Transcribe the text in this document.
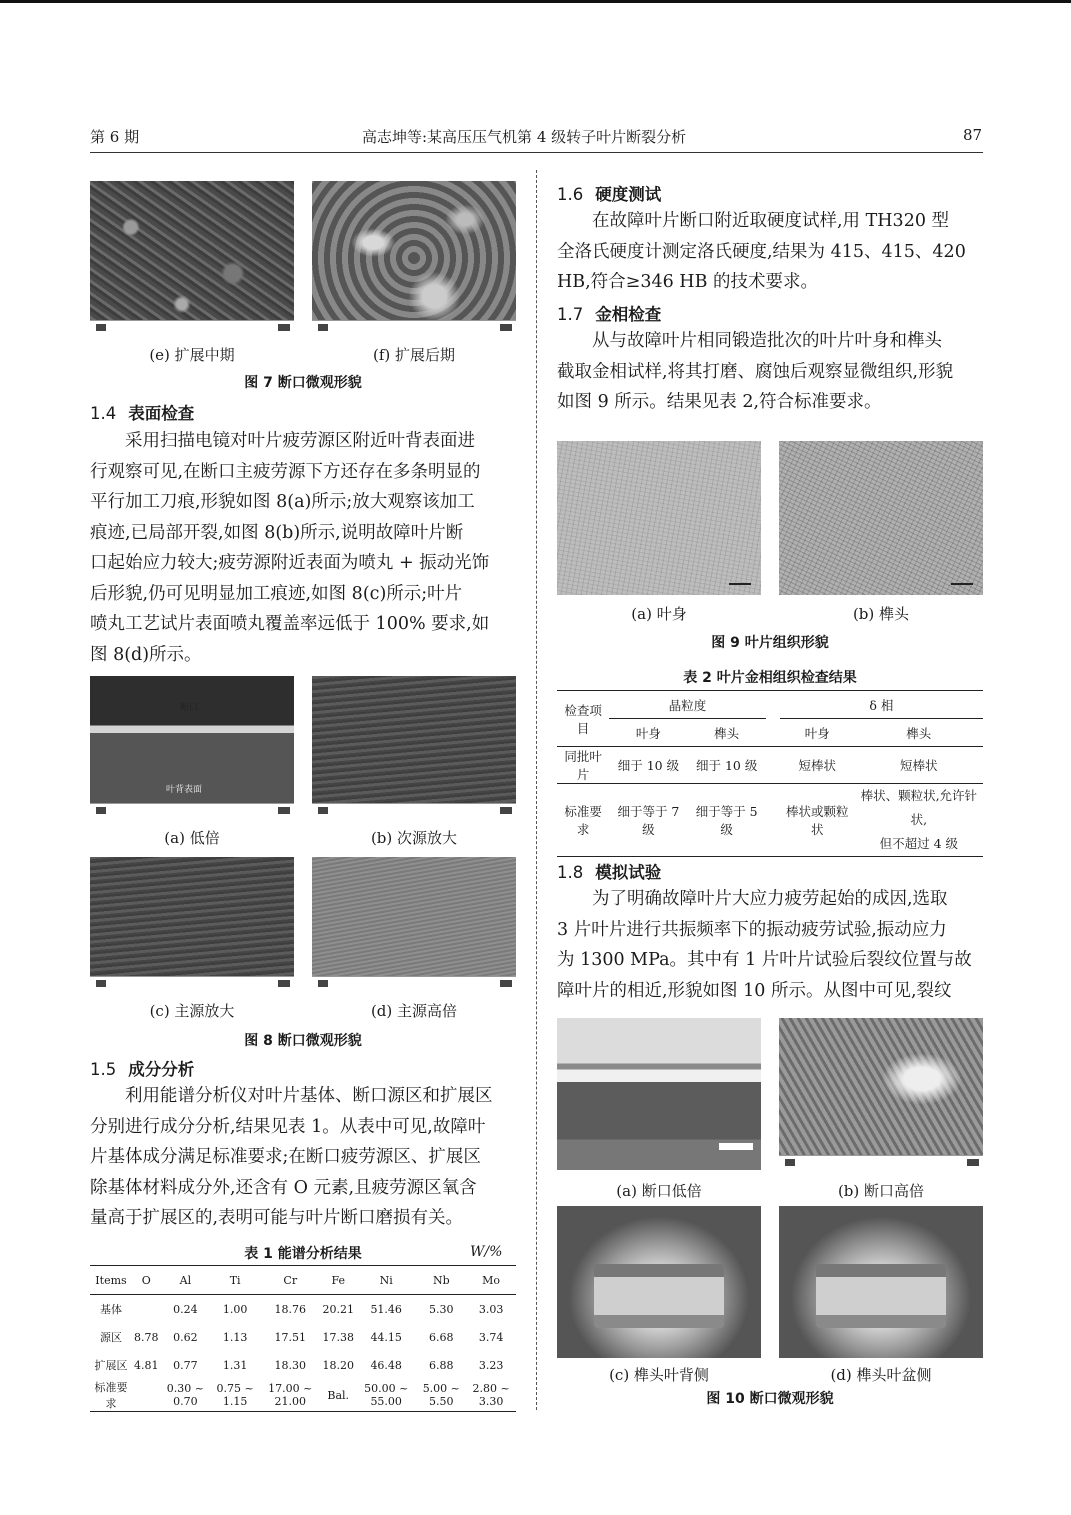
第 6 期	高志坤等:某高压压气机第 4 级转子叶片断裂分析	87
(e) 扩展中期	(f) 扩展后期
图 7 断口微观形貌
1.4 表面检查
采用扫描电镜对叶片疲劳源区附近叶背表面进
行观察可见,在断口主疲劳源下方还存在多条明显的
平行加工刀痕,形貌如图 8(a)所示;放大观察该加工
痕迹,已局部开裂,如图 8(b)所示,说明故障叶片断
口起始应力较大;疲劳源附近表面为喷丸 + 振动光饰
后形貌,仍可见明显加工痕迹,如图 8(c)所示;叶片
喷丸工艺试片表面喷丸覆盖率远低于 100% 要求,如
图 8(d)所示。
断口
叶背表面
(a) 低倍	(b) 次源放大
(c) 主源放大	(d) 主源高倍
图 8 断口微观形貌
1.5 成分分析
利用能谱分析仪对叶片基体、断口源区和扩展区
分别进行成分分析,结果见表 1。从表中可见,故障叶
片基体成分满足标准要求;在断口疲劳源区、扩展区
除基体材料成分外,还含有 O 元素,且疲劳源区氧含
量高于扩展区的,表明可能与叶片断口磨损有关。
表 1 能谱分析结果	W/%
Items	O	Al	Ti	Cr	Fe	Ni	Nb	Mo
基体		0.24	1.00	18.76	20.21	51.46	5.30	3.03
源区	8.78	0.62	1.13	17.51	17.38	44.15	6.68	3.74
扩展区	4.81	0.77	1.31	18.30	18.20	46.48	6.88	3.23
标准要求		0.30 ~ 0.70	0.75 ~ 1.15	17.00 ~ 21.00	Bal.	50.00 ~ 55.00	5.00 ~ 5.50	2.80 ~ 3.30
1.6 硬度测试
在故障叶片断口附近取硬度试样,用 TH320 型
全洛氏硬度计测定洛氏硬度,结果为 415、415、420
HB,符合≥346 HB 的技术要求。
1.7 金相检查
从与故障叶片相同锻造批次的叶片叶身和榫头
截取金相试样,将其打磨、腐蚀后观察显微组织,形貌
如图 9 所示。结果见表 2,符合标准要求。
(a) 叶身	(b) 榫头
图 9 叶片组织形貌
表 2 叶片金相组织检查结果
检查项目	晶粒度			δ 相	
	叶身	榫头		叶身	榫头
同批叶片	细于 10 级	细于 10 级		短棒状	短棒状
标准要求	细于等于 7 级	细于等于 5 级		棒状或颗粒状	棒状、颗粒状,允许针状,
但不超过 4 级
1.8 模拟试验
为了明确故障叶片大应力疲劳起始的成因,选取
3 片叶片进行共振频率下的振动疲劳试验,振动应力
为 1300 MPa。其中有 1 片叶片试验后裂纹位置与故
障叶片的相近,形貌如图 10 所示。从图中可见,裂纹
(a) 断口低倍	(b) 断口高倍
(c) 榫头叶背侧	(d) 榫头叶盆侧
图 10 断口微观形貌
